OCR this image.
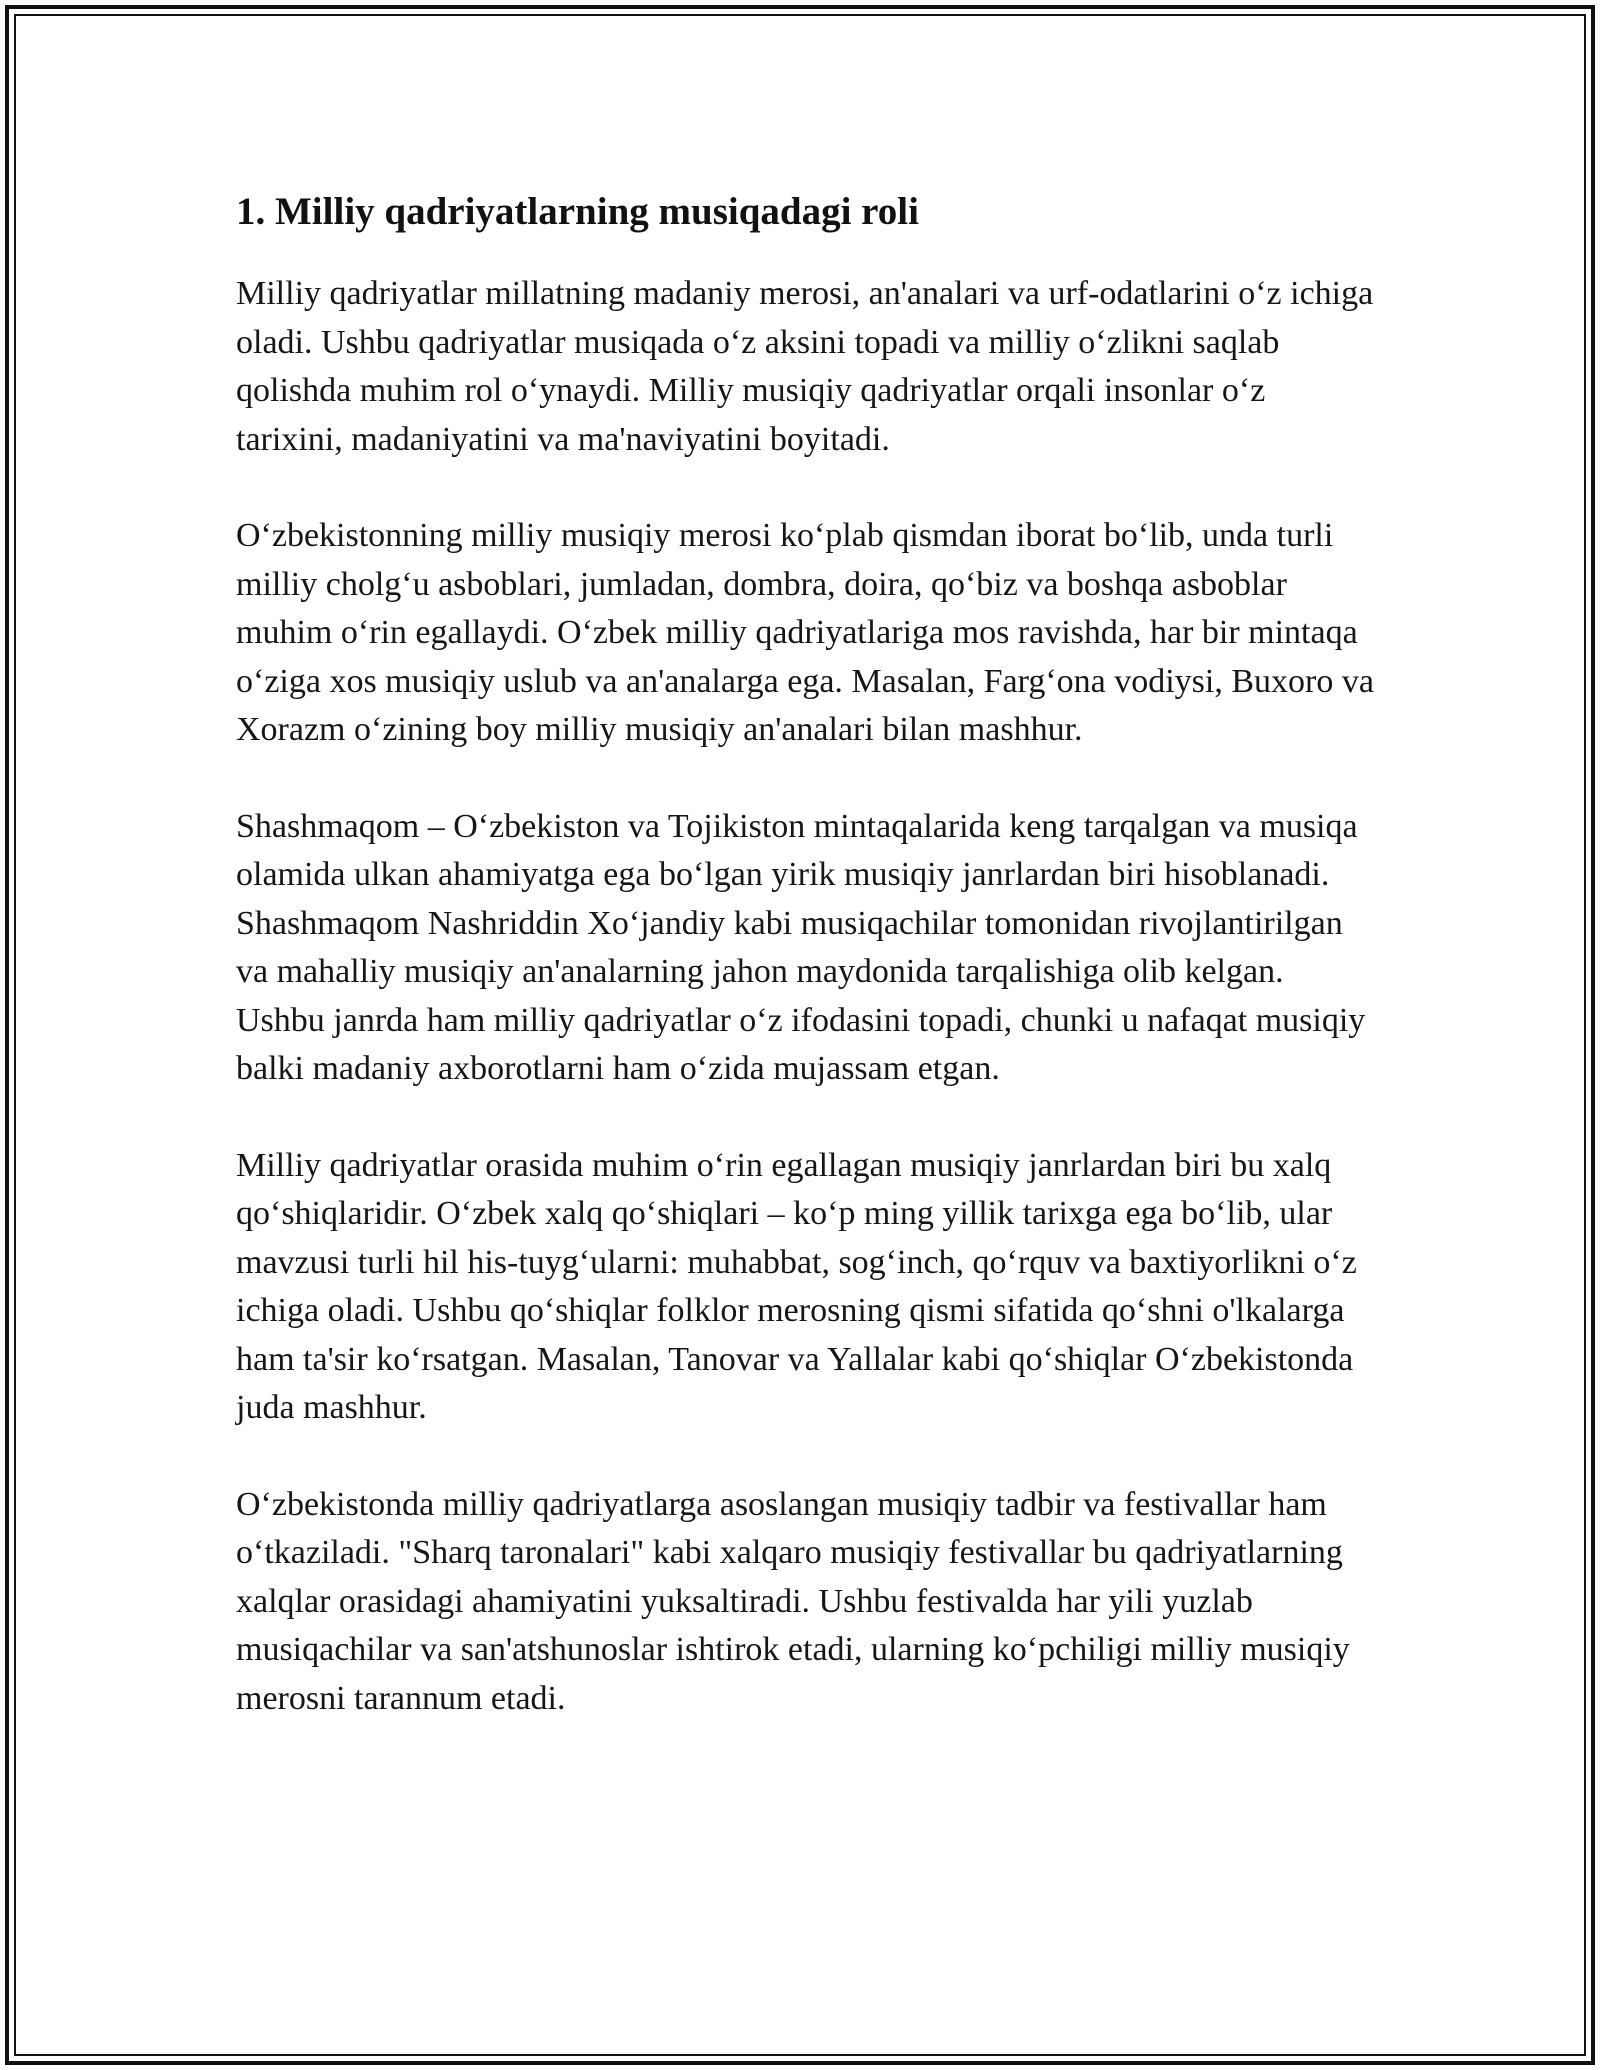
1. Milliy qadriyatlarning musiqadagi roli

Milliy qadriyatlar millatning madaniy merosi, an'analari va urf-odatlarini o‘z ichiga oladi. Ushbu qadriyatlar musiqada o‘z aksini topadi va milliy o‘zlikni saqlab qolishda muhim rol o‘ynaydi. Milliy musiqiy qadriyatlar orqali insonlar o‘z tarixini, madaniyatini va ma'naviyatini boyitadi.

O‘zbekistonning milliy musiqiy merosi ko‘plab qismdan iborat bo‘lib, unda turli milliy cholg‘u asboblari, jumladan, dombra, doira, qo‘biz va boshqa asboblar muhim o‘rin egallaydi. O‘zbek milliy qadriyatlariga mos ravishda, har bir mintaqa o‘ziga xos musiqiy uslub va an'analarga ega. Masalan, Farg‘ona vodiysi, Buxoro va Xorazm o‘zining boy milliy musiqiy an'analari bilan mashhur.

Shashmaqom – O‘zbekiston va Tojikiston mintaqalarida keng tarqalgan va musiqa olamida ulkan ahamiyatga ega bo‘lgan yirik musiqiy janrlardan biri hisoblanadi. Shashmaqom Nashriddin Xo‘jandiy kabi musiqachilar tomonidan rivojlantirilgan va mahalliy musiqiy an'analarning jahon maydonida tarqalishiga olib kelgan. Ushbu janrda ham milliy qadriyatlar o‘z ifodasini topadi, chunki u nafaqat musiqiy balki madaniy axborotlarni ham o‘zida mujassam etgan.

Milliy qadriyatlar orasida muhim o‘rin egallagan musiqiy janrlardan biri bu xalq qo‘shiqlaridir. O‘zbek xalq qo‘shiqlari – ko‘p ming yillik tarixga ega bo‘lib, ular mavzusi turli hil his-tuyg‘ularni: muhabbat, sog‘inch, qo‘rquv va baxtiyorlikni o‘z ichiga oladi. Ushbu qo‘shiqlar folklor merosning qismi sifatida qo‘shni o'lkalarga ham ta'sir ko‘rsatgan. Masalan, Tanovar va Yallalar kabi qo‘shiqlar O‘zbekistonda juda mashhur.

O‘zbekistonda milliy qadriyatlarga asoslangan musiqiy tadbir va festivallar ham o‘tkaziladi. "Sharq taronalari" kabi xalqaro musiqiy festivallar bu qadriyatlarning xalqlar orasidagi ahamiyatini yuksaltiradi. Ushbu festivalda har yili yuzlab musiqachilar va san'atshunoslar ishtirok etadi, ularning ko‘pchiligi milliy musiqiy merosni tarannum etadi.
